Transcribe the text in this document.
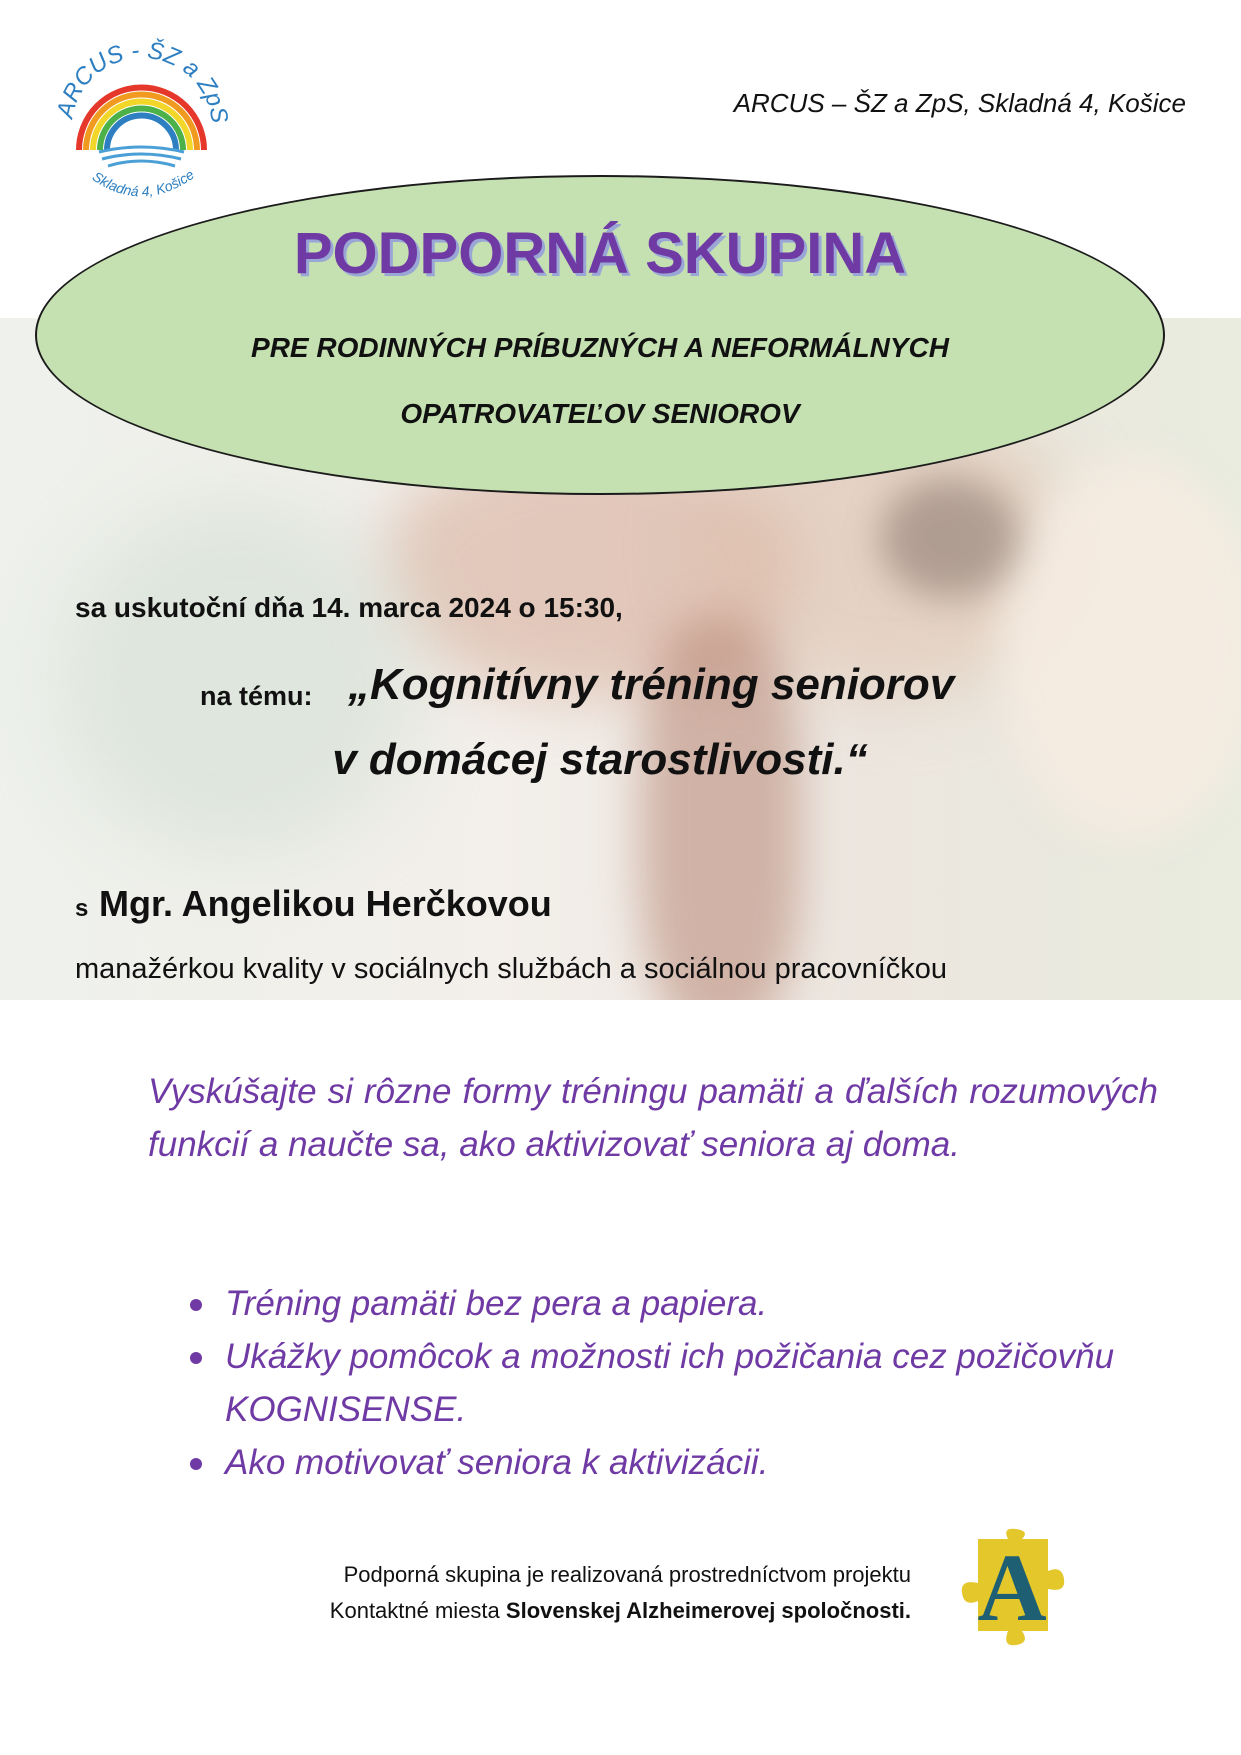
ARCUS - ŠZ a ZpS
Skladná 4, Košice
ARCUS – ŠZ a ZpS, Skladná 4, Košice
PODPORNÁ SKUPINA
PRE RODINNÝCH PRÍBUZNÝCH A NEFORMÁLNYCH
OPATROVATEĽOV SENIOROV
sa uskutoční dňa 14. marca 2024 o 15:30,
na tému: „Kognitívny tréning seniorov
v domácej starostlivosti.“
s Mgr. Angelikou Herčkovou
manažérkou kvality v sociálnych službách a sociálnou pracovníčkou
Vyskúšajte si rôzne formy tréningu pamäti a ďalších rozumových funkcií a naučte sa, ako aktivizovať seniora aj doma.
Tréning pamäti bez pera a papiera.
Ukážky pomôcok a možnosti ich požičania cez požičovňu KOGNISENSE.
Ako motivovať seniora k aktivizácii.
Podporná skupina je realizovaná prostredníctvom projektu
Kontaktné miesta Slovenskej Alzheimerovej spoločnosti. A
